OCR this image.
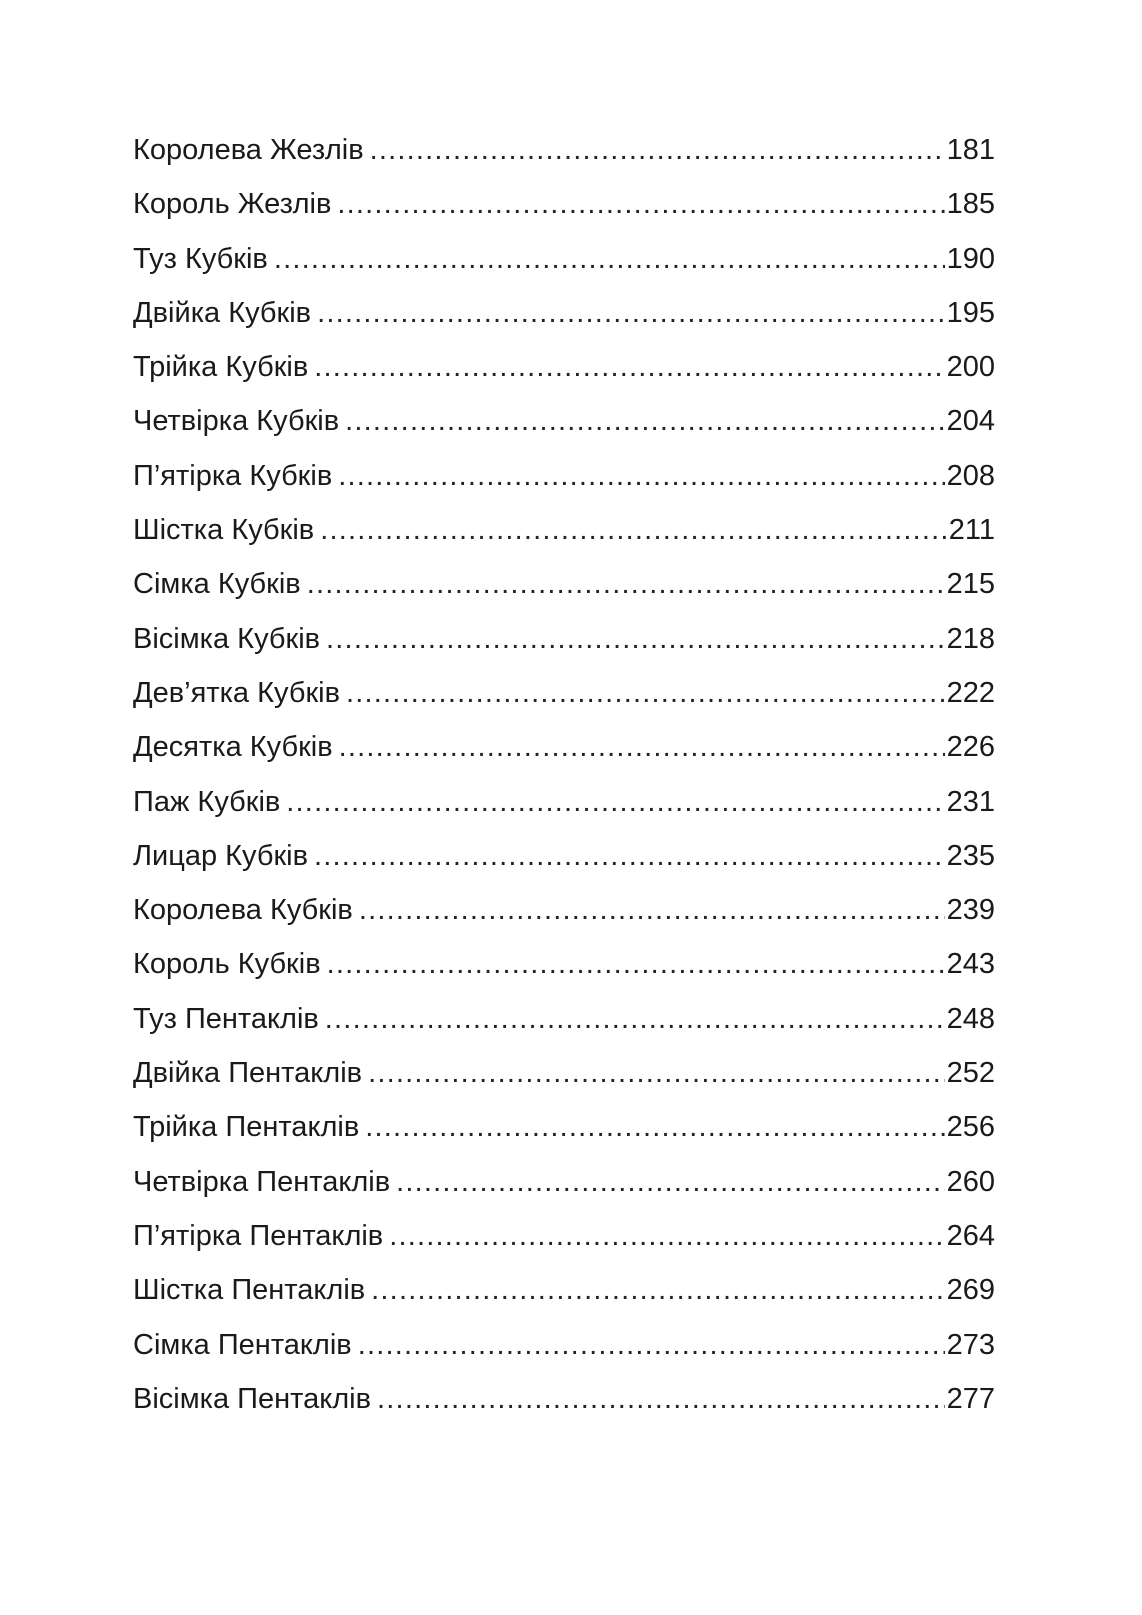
Королева Жезлів .....	181
Король Жезлів .....	185
Туз Кубків .....	190
Двійка Кубків .....	195
Трійка Кубків .....	200
Четвірка Кубків .....	204
П’ятірка Кубків .....	208
Шістка Кубків .....	211
Сімка Кубків .....	215
Вісімка Кубків .....	218
Дев’ятка Кубків .....	222
Десятка Кубків .....	226
Паж Кубків .....	231
Лицар Кубків .....	235
Королева Кубків .....	239
Король Кубків .....	243
Туз Пентаклів .....	248
Двійка Пентаклів .....	252
Трійка Пентаклів .....	256
Четвірка Пентаклів .....	260
П’ятірка Пентаклів .....	264
Шістка Пентаклів .....	269
Сімка Пентаклів .....	273
Вісімка Пентаклів .....	277
